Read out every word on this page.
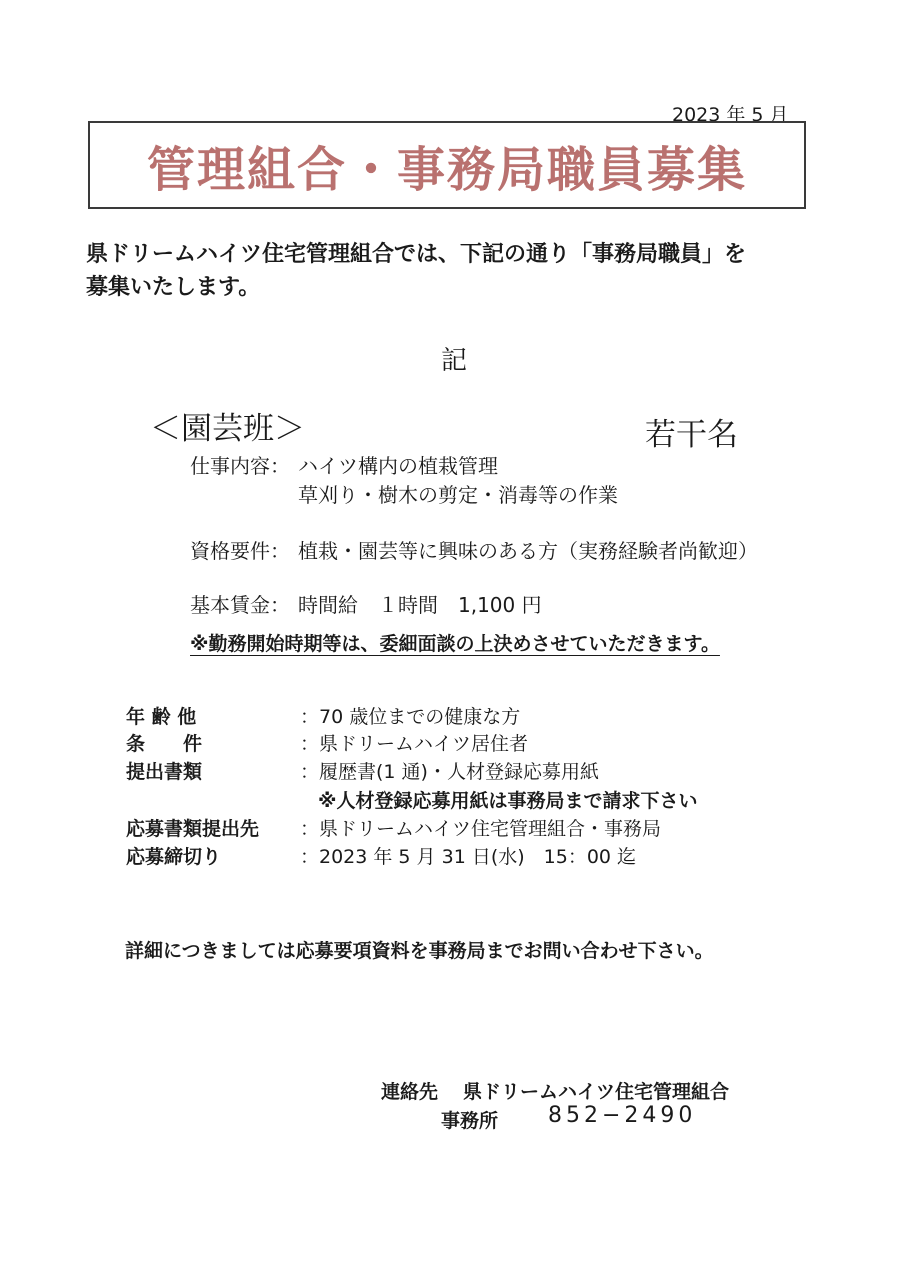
2023 年 5 月
管理組合・事務局職員募集
県ドリームハイツ住宅管理組合では、下記の通り「事務局職員」を
募集いたします。
記
＜園芸班＞	若干名
仕事内容： ハイツ構内の植栽管理
草刈り・樹木の剪定・消毒等の作業
資格要件： 植栽・園芸等に興味のある方（実務経験者尚歓迎）
基本賃金： 時間給　１時間　1,100 円
※勤務開始時期等は、委細面談の上決めさせていただきます。
年 齢 他	：70 歳位までの健康な方
条　　件	：県ドリームハイツ居住者
提出書類	：履歴書(1 通)・人材登録応募用紙
※人材登録応募用紙は事務局まで請求下さい
応募書類提出先 ：県ドリームハイツ住宅管理組合・事務局
応募締切り	：2023 年 5 月 31 日(水)　15：00 迄
詳細につきましては応募要項資料を事務局までお問い合わせ下さい。
連絡先 県ドリームハイツ住宅管理組合
事務所 852−2490
